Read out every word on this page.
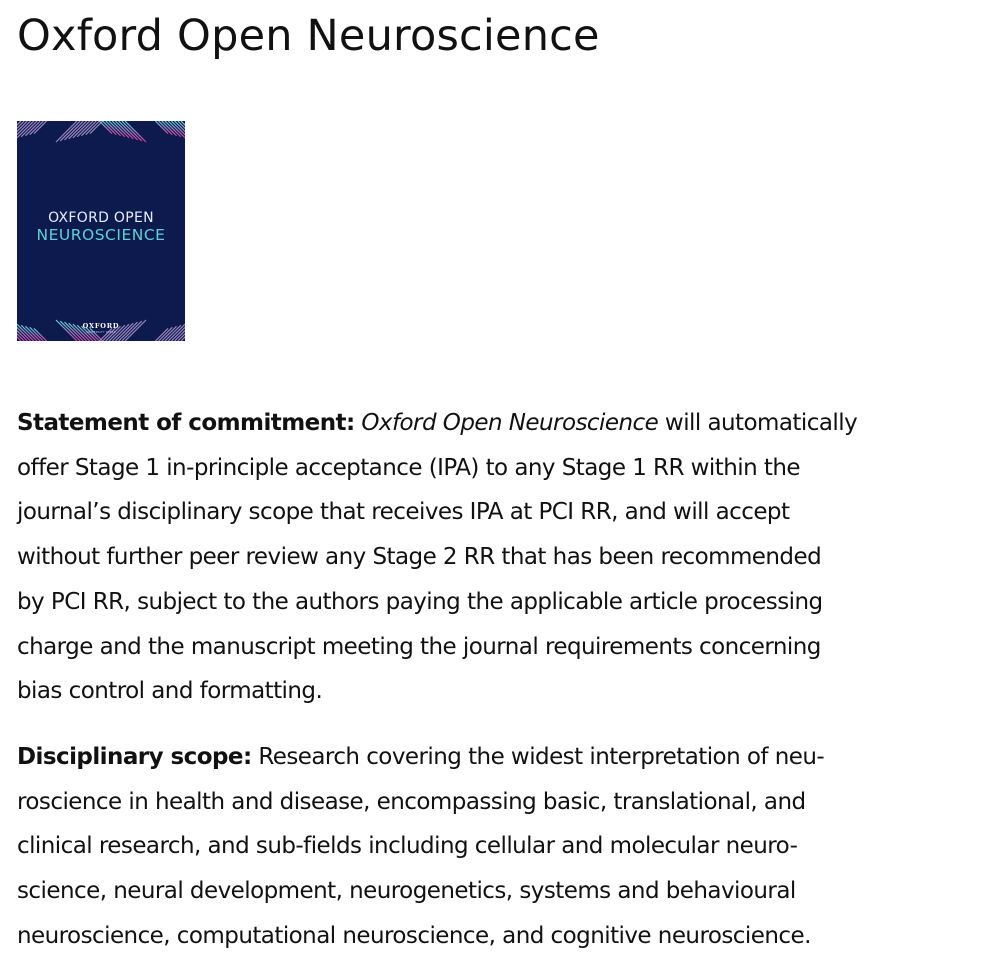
Oxford Open Neuroscience
OXFORD OPEN
NEUROSCIENCE
OXFORD
UNIVERSITY PRESS

Statement of commitment: Oxford Open Neuroscience will automatically
offer Stage 1 in-principle acceptance (IPA) to any Stage 1 RR within the
journal’s disciplinary scope that receives IPA at PCI RR, and will accept
without further peer review any Stage 2 RR that has been recommended
by PCI RR, subject to the authors paying the applicable article processing
charge and the manuscript meeting the journal requirements concerning
bias control and formatting.

Disciplinary scope: Research covering the widest interpretation of neu-
roscience in health and disease, encompassing basic, translational, and
clinical research, and sub-fields including cellular and molecular neuro-
science, neural development, neurogenetics, systems and behavioural
neuroscience, computational neuroscience, and cognitive neuroscience.
